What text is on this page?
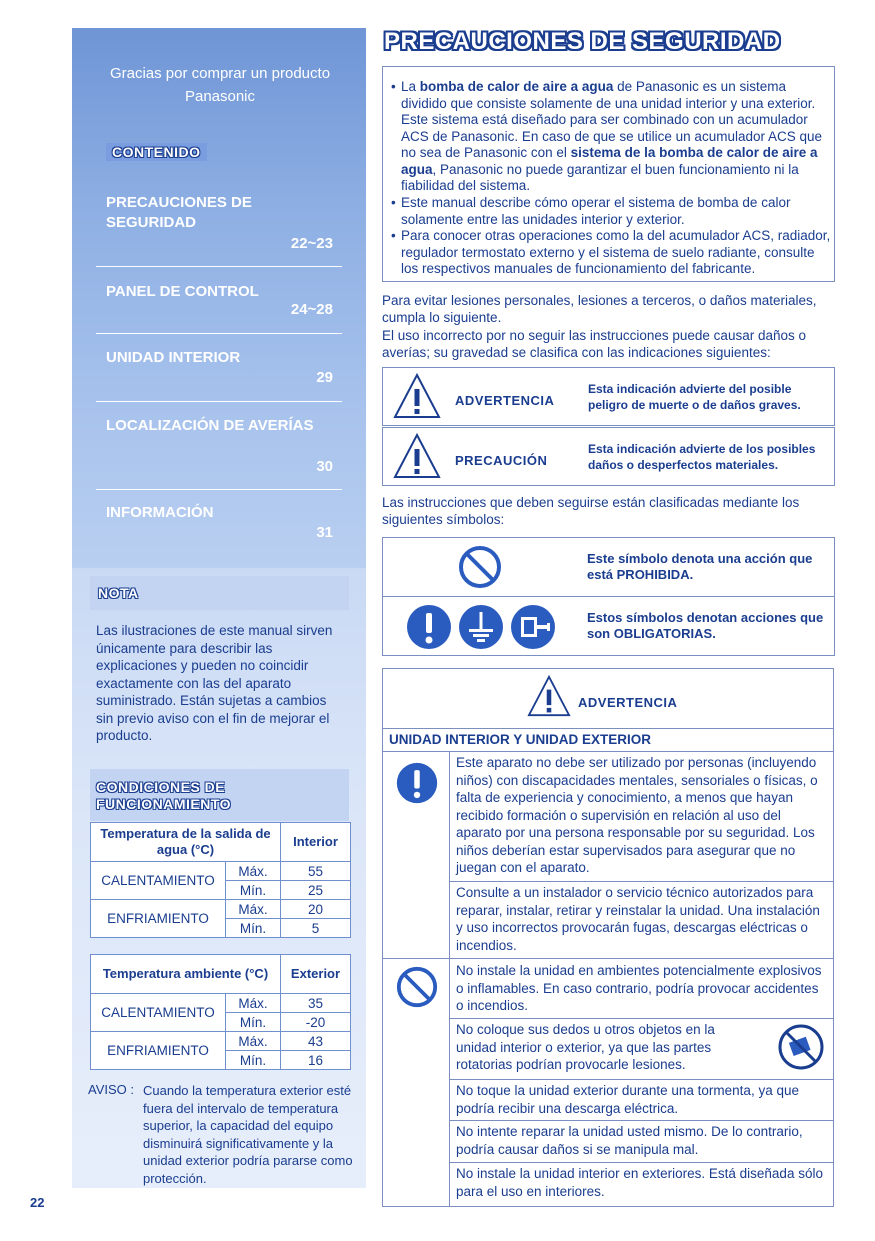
Gracias por comprar un producto Panasonic
CONTENIDO
PRECAUCIONES DE SEGURIDAD
22~23
PANEL DE CONTROL
24~28
UNIDAD INTERIOR
29
LOCALIZACIÓN DE AVERÍAS
30
INFORMACIÓN
31
NOTA
Las ilustraciones de este manual sirven únicamente para describir las explicaciones y pueden no coincidir exactamente con las del aparato suministrado. Están sujetas a cambios sin previo aviso con el fin de mejorar el producto.
CONDICIONES DE
FUNCIONAMIENTO
Temperatura de la salida de agua (°C)		Interior
CALENTAMIENTO	Máx.	55
	Mín.	25
ENFRIAMIENTO	Máx.	20
	Mín.	5
Temperatura ambiente (°C)		Exterior
CALENTAMIENTO	Máx.	35
	Mín.	-20
ENFRIAMIENTO	Máx.	43
	Mín.	16
AVISO : Cuando la temperatura exterior esté fuera del intervalo de temperatura superior, la capacidad del equipo disminuirá significativamente y la unidad exterior podría pararse como protección.
22
PRECAUCIONES DE SEGURIDAD
• La bomba de calor de aire a agua de Panasonic es un sistema dividido que consiste solamente de una unidad interior y una exterior. Este sistema está diseñado para ser combinado con un acumulador ACS de Panasonic. En caso de que se utilice un acumulador ACS que no sea de Panasonic con el sistema de la bomba de calor de aire a agua, Panasonic no puede garantizar el buen funcionamiento ni la fiabilidad del sistema.
• Este manual describe cómo operar el sistema de bomba de calor solamente entre las unidades interior y exterior.
• Para conocer otras operaciones como la del acumulador ACS, radiador, regulador termostato externo y el sistema de suelo radiante, consulte los respectivos manuales de funcionamiento del fabricante.
Para evitar lesiones personales, lesiones a terceros, o daños materiales, cumpla lo siguiente.
El uso incorrecto por no seguir las instrucciones puede causar daños o averías; su gravedad se clasifica con las indicaciones siguientes:
ADVERTENCIA
Esta indicación advierte del posible peligro de muerte o de daños graves.
PRECAUCIÓN
Esta indicación advierte de los posibles daños o desperfectos materiales.
Las instrucciones que deben seguirse están clasificadas mediante los siguientes símbolos:
Este símbolo denota una acción que está PROHIBIDA.
Estos símbolos denotan acciones que son OBLIGATORIAS.
ADVERTENCIA
UNIDAD INTERIOR Y UNIDAD EXTERIOR
Este aparato no debe ser utilizado por personas (incluyendo niños) con discapacidades mentales, sensoriales o físicas, o falta de experiencia y conocimiento, a menos que hayan recibido formación o supervisión en relación al uso del aparato por una persona responsable por su seguridad. Los niños deberían estar supervisados para asegurar que no juegan con el aparato.
Consulte a un instalador o servicio técnico autorizados para reparar, instalar, retirar y reinstalar la unidad. Una instalación y uso incorrectos provocarán fugas, descargas eléctricas o incendios.
No instale la unidad en ambientes potencialmente explosivos o inflamables. En caso contrario, podría provocar accidentes o incendios.
No coloque sus dedos u otros objetos en la unidad interior o exterior, ya que las partes rotatorias podrían provocarle lesiones.
No toque la unidad exterior durante una tormenta, ya que podría recibir una descarga eléctrica.
No intente reparar la unidad usted mismo. De lo contrario, podría causar daños si se manipula mal.
No instale la unidad interior en exteriores. Está diseñada sólo para el uso en interiores.
